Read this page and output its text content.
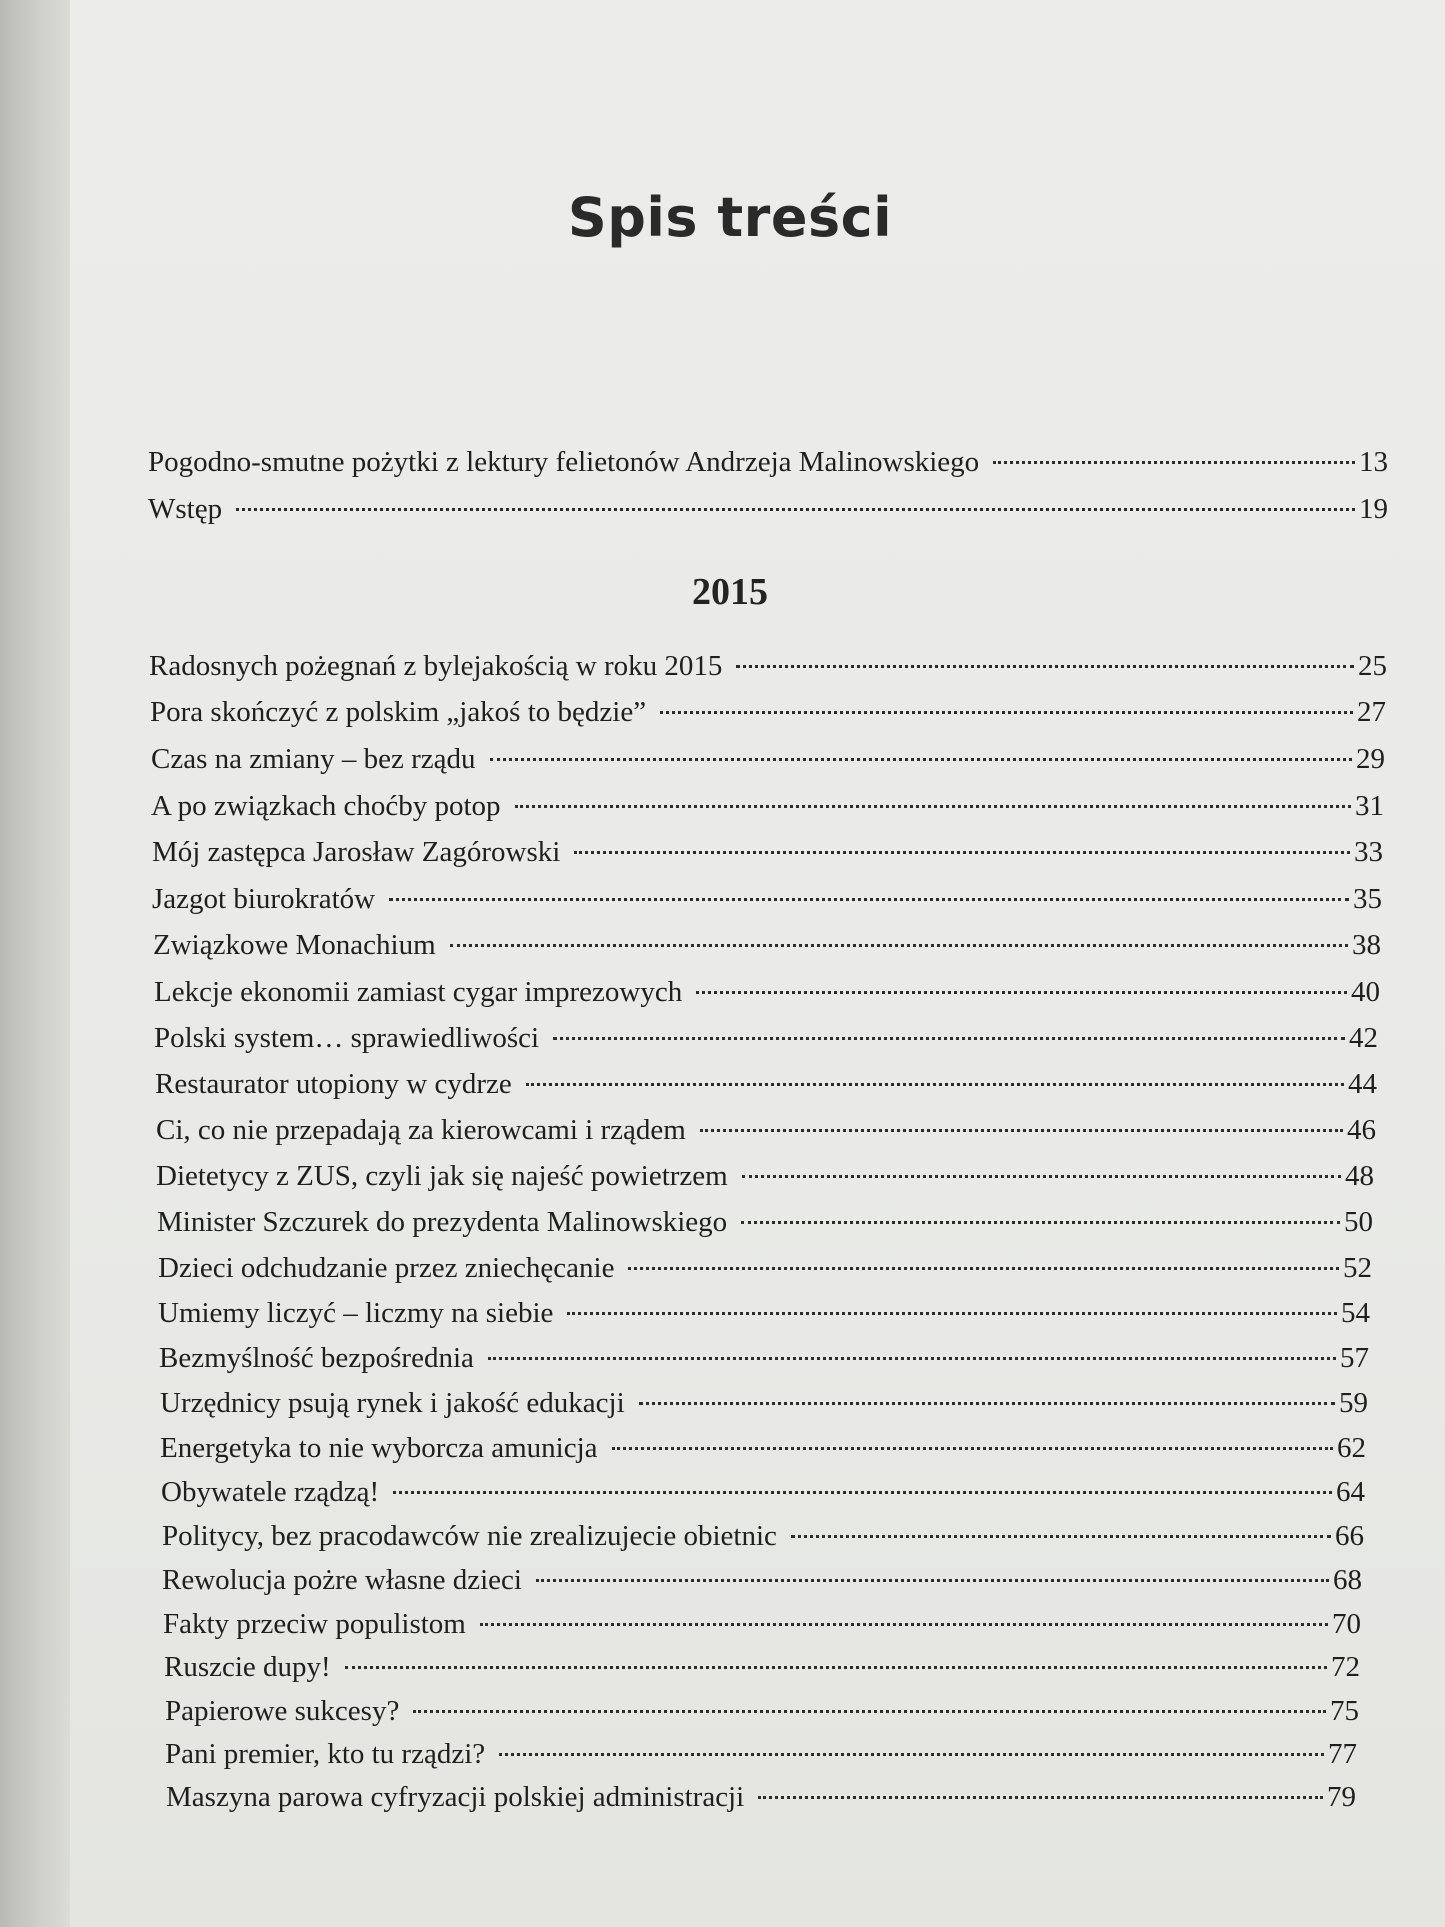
Spis treści
Pogodno-smutne pożytki z lektury felietonów Andrzeja Malinowskiego	13
Wstęp	19
2015
Radosnych pożegnań z bylejakością w roku 2015	25
Pora skończyć z polskim „jakoś to będzie”	27
Czas na zmiany – bez rządu	29
A po związkach choćby potop	31
Mój zastępca Jarosław Zagórowski	33
Jazgot biurokratów	35
Związkowe Monachium	38
Lekcje ekonomii zamiast cygar imprezowych	40
Polski system… sprawiedliwości	42
Restaurator utopiony w cydrze	44
Ci, co nie przepadają za kierowcami i rządem	46
Dietetycy z ZUS, czyli jak się najeść powietrzem	48
Minister Szczurek do prezydenta Malinowskiego	50
Dzieci odchudzanie przez zniechęcanie	52
Umiemy liczyć – liczmy na siebie	54
Bezmyślność bezpośrednia	57
Urzędnicy psują rynek i jakość edukacji	59
Energetyka to nie wyborcza amunicja	62
Obywatele rządzą!	64
Politycy, bez pracodawców nie zrealizujecie obietnic	66
Rewolucja pożre własne dzieci	68
Fakty przeciw populistom	70
Ruszcie dupy!	72
Papierowe sukcesy?	75
Pani premier, kto tu rządzi?	77
Maszyna parowa cyfryzacji polskiej administracji	79
